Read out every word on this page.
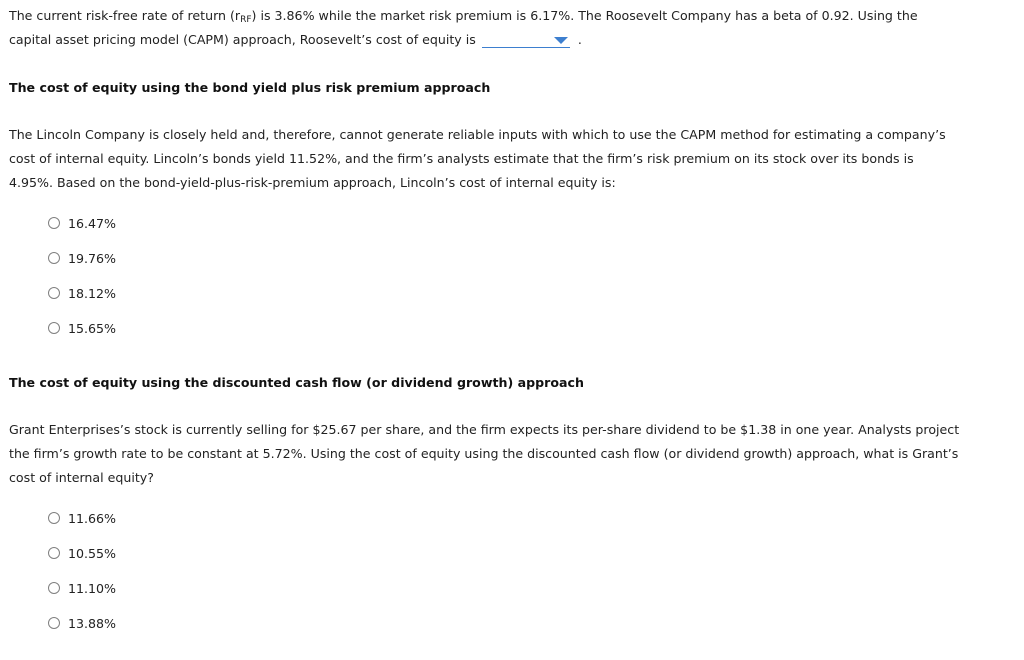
The current risk-free rate of return $(r_{RF})$ is 3.86% while the market risk premium is 6.17%. The Roosevelt Company has a beta of 0.92. Using the

capital asset pricing model (CAPM) approach, Roosevelt’s cost of equity is	.

The cost of equity using the bond yield plus risk premium approach

The Lincoln Company is closely held and, therefore, cannot generate reliable inputs with which to use the CAPM method for estimating a company’s

cost of internal equity. Lincoln’s bonds yield 11.52%, and the firm’s analysts estimate that the firm’s risk premium on its stock over its bonds is

4.95%. Based on the bond-yield-plus-risk-premium approach, Lincoln’s cost of internal equity is:

16.47%
19.76%
18.12%
15.65%

The cost of equity using the discounted cash flow (or dividend growth) approach

Grant Enterprises’s stock is currently selling for $25.67 per share, and the firm expects its per-share dividend to be $1.38 in one year. Analysts project

the firm’s growth rate to be constant at 5.72%. Using the cost of equity using the discounted cash flow (or dividend growth) approach, what is Grant’s

cost of internal equity?

11.66%
10.55%
11.10%
13.88%
